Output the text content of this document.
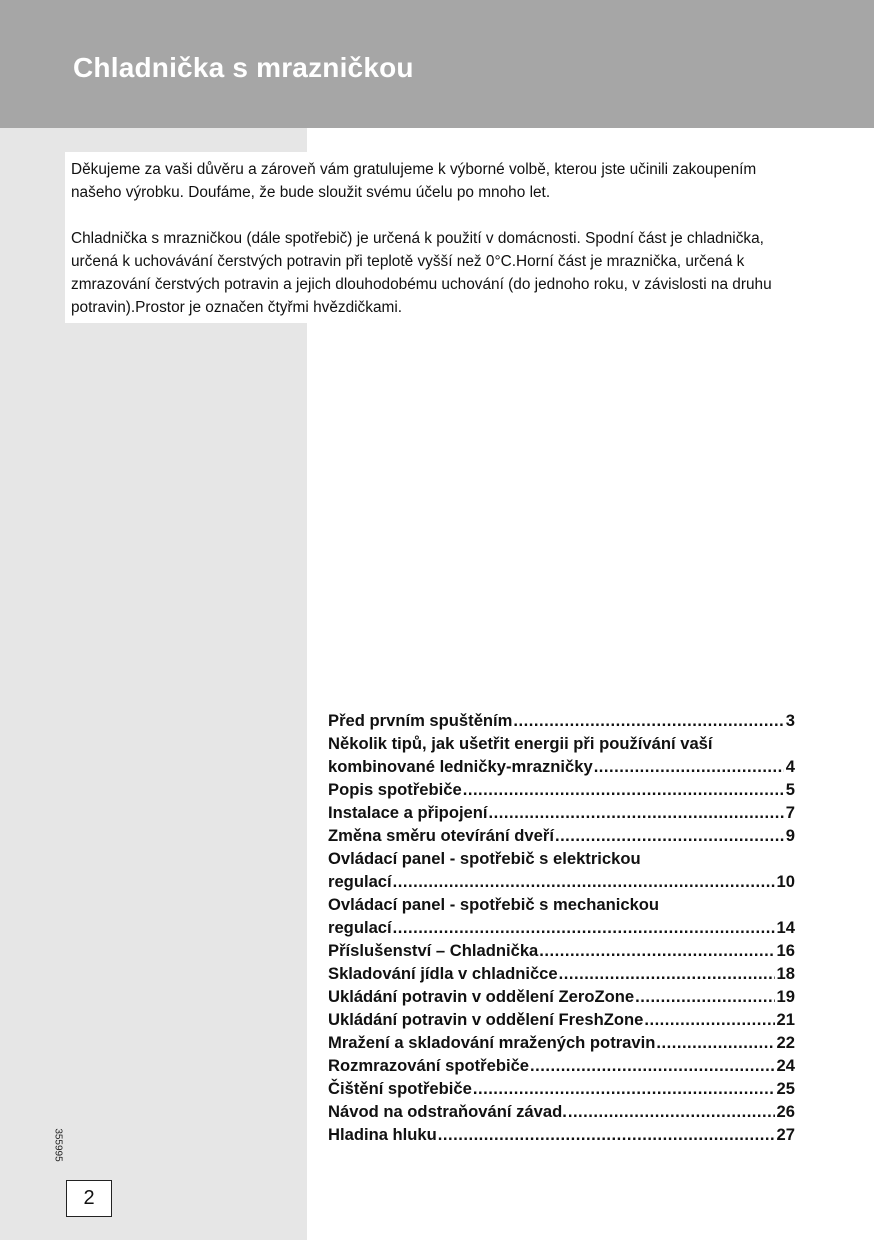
Chladnička s mrazničkou

Děkujeme za vaši důvěru a zároveň vám gratulujeme k výborné volbě, kterou jste učinili zakoupením našeho výrobku. Doufáme, že bude sloužit svému účelu po mnoho let.

Chladnička s mrazničkou (dále spotřebič) je určená k použití v domácnosti. Spodní část je chladnička, určená k uchovávání čerstvých potravin při teplotě vyšší než 0°C.Horní část je mraznička, určená k zmrazování čerstvých potravin a jejich dlouhodobému uchování (do jednoho roku, v závislosti na druhu potravin).Prostor je označen čtyřmi hvězdičkami.

Před prvním spuštěním .....	3
Několik tipů, jak ušetřit energii při používání vaší
kombinované ledničky-mrazničky .....	4
Popis spotřebiče .....	5
Instalace a připojení .....	7
Změna směru otevírání dveří .....	9
Ovládací panel - spotřebič s elektrickou
regulací .....	10
Ovládací panel - spotřebič s mechanickou
regulací .....	14
Příslušenství – Chladnička .....	16
Skladování jídla v chladničce .....	18
Ukládání potravin v oddělení ZeroZone .....	19
Ukládání potravin v oddělení FreshZone .....	21
Mražení a skladování mražených potravin .....	22
Rozmrazování spotřebiče .....	24
Čištění spotřebiče .....	25
Návod na odstraňování závad. .....	26
Hladina hluku .....	27
355995
2
